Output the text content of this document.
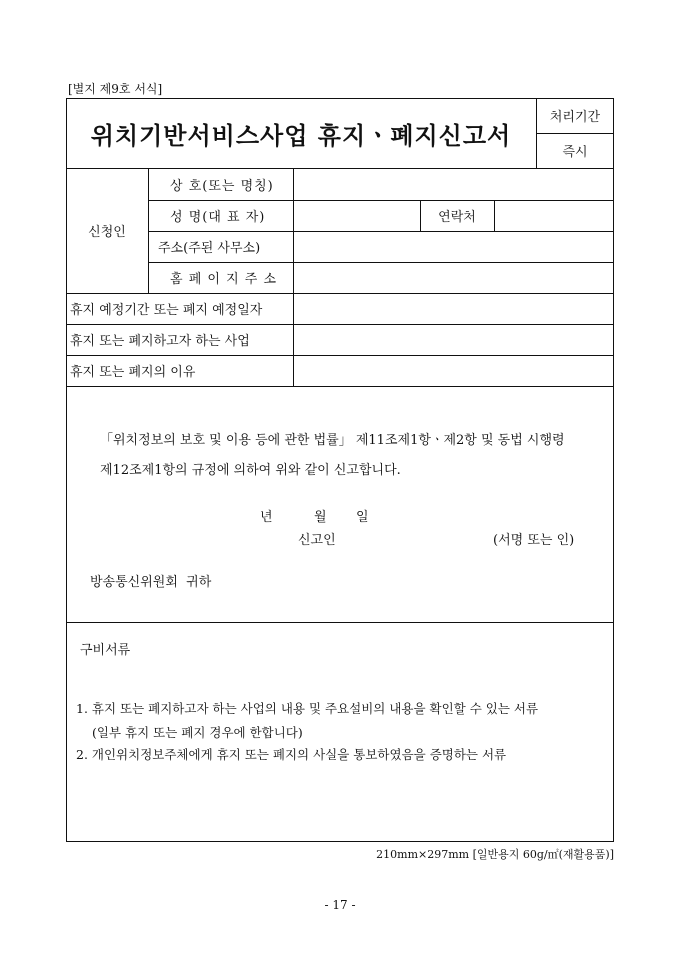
[별지 제9호 서식]
위치기반서비스사업 휴지ㆍ폐지신고서
처리기간
즉시
신청인
상 호(또는 명칭)
성 명(대 표 자)	연락처
주소(주된 사무소)
홈 페 이 지 주 소
휴지 예정기간 또는 폐지 예정일자
휴지 또는 폐지하고자 하는 사업
휴지 또는 폐지의 이유
「위치정보의 보호 및 이용 등에 관한 법률」 제11조제1항ㆍ제2항 및 동법 시행령
제12조제1항의 규정에 의하여 위와 같이 신고합니다.
년	월 일
신고인	(서명 또는 인)
방송통신위원회  귀하
구비서류
1. 휴지 또는 폐지하고자 하는 사업의 내용 및 주요설비의 내용을 확인할 수 있는 서류
(일부 휴지 또는 폐지 경우에 한합니다)
2. 개인위치정보주체에게 휴지 또는 폐지의 사실을 통보하였음을 증명하는 서류
210mm×297mm [일반용지 60g/㎡(재활용품)]
- 17 -
